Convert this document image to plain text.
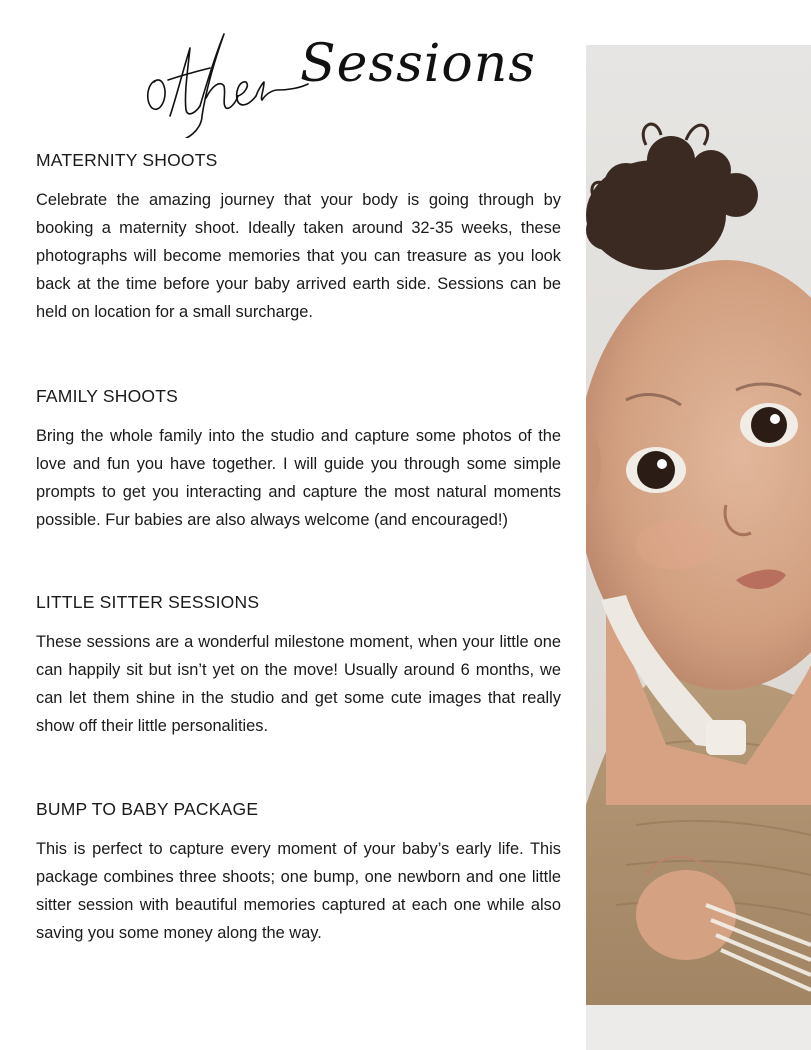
Sessions
MATERNITY SHOOTS

Celebrate the amazing journey that your body is going through by booking a maternity shoot. Ideally taken around 32-35 weeks, these photographs will become memories that you can treasure as you look back at the time before your baby arrived earth side. Sessions can be held on location for a small surcharge.

FAMILY SHOOTS

Bring the whole family into the studio and capture some photos of the love and fun you have together. I will guide you through some simple prompts to get you interacting and capture the most natural moments possible. Fur babies are also always welcome (and encouraged!)

LITTLE SITTER SESSIONS

These sessions are a wonderful milestone moment, when your little one can happily sit but isn’t yet on the move! Usually around 6 months, we can let them shine in the studio and get some cute images that really show off their little personalities.

BUMP TO BABY PACKAGE

This is perfect to capture every moment of your baby’s early life. This package combines three shoots; one bump, one newborn and one little sitter session with beautiful memories captured at each one while also saving you some money along the way.
